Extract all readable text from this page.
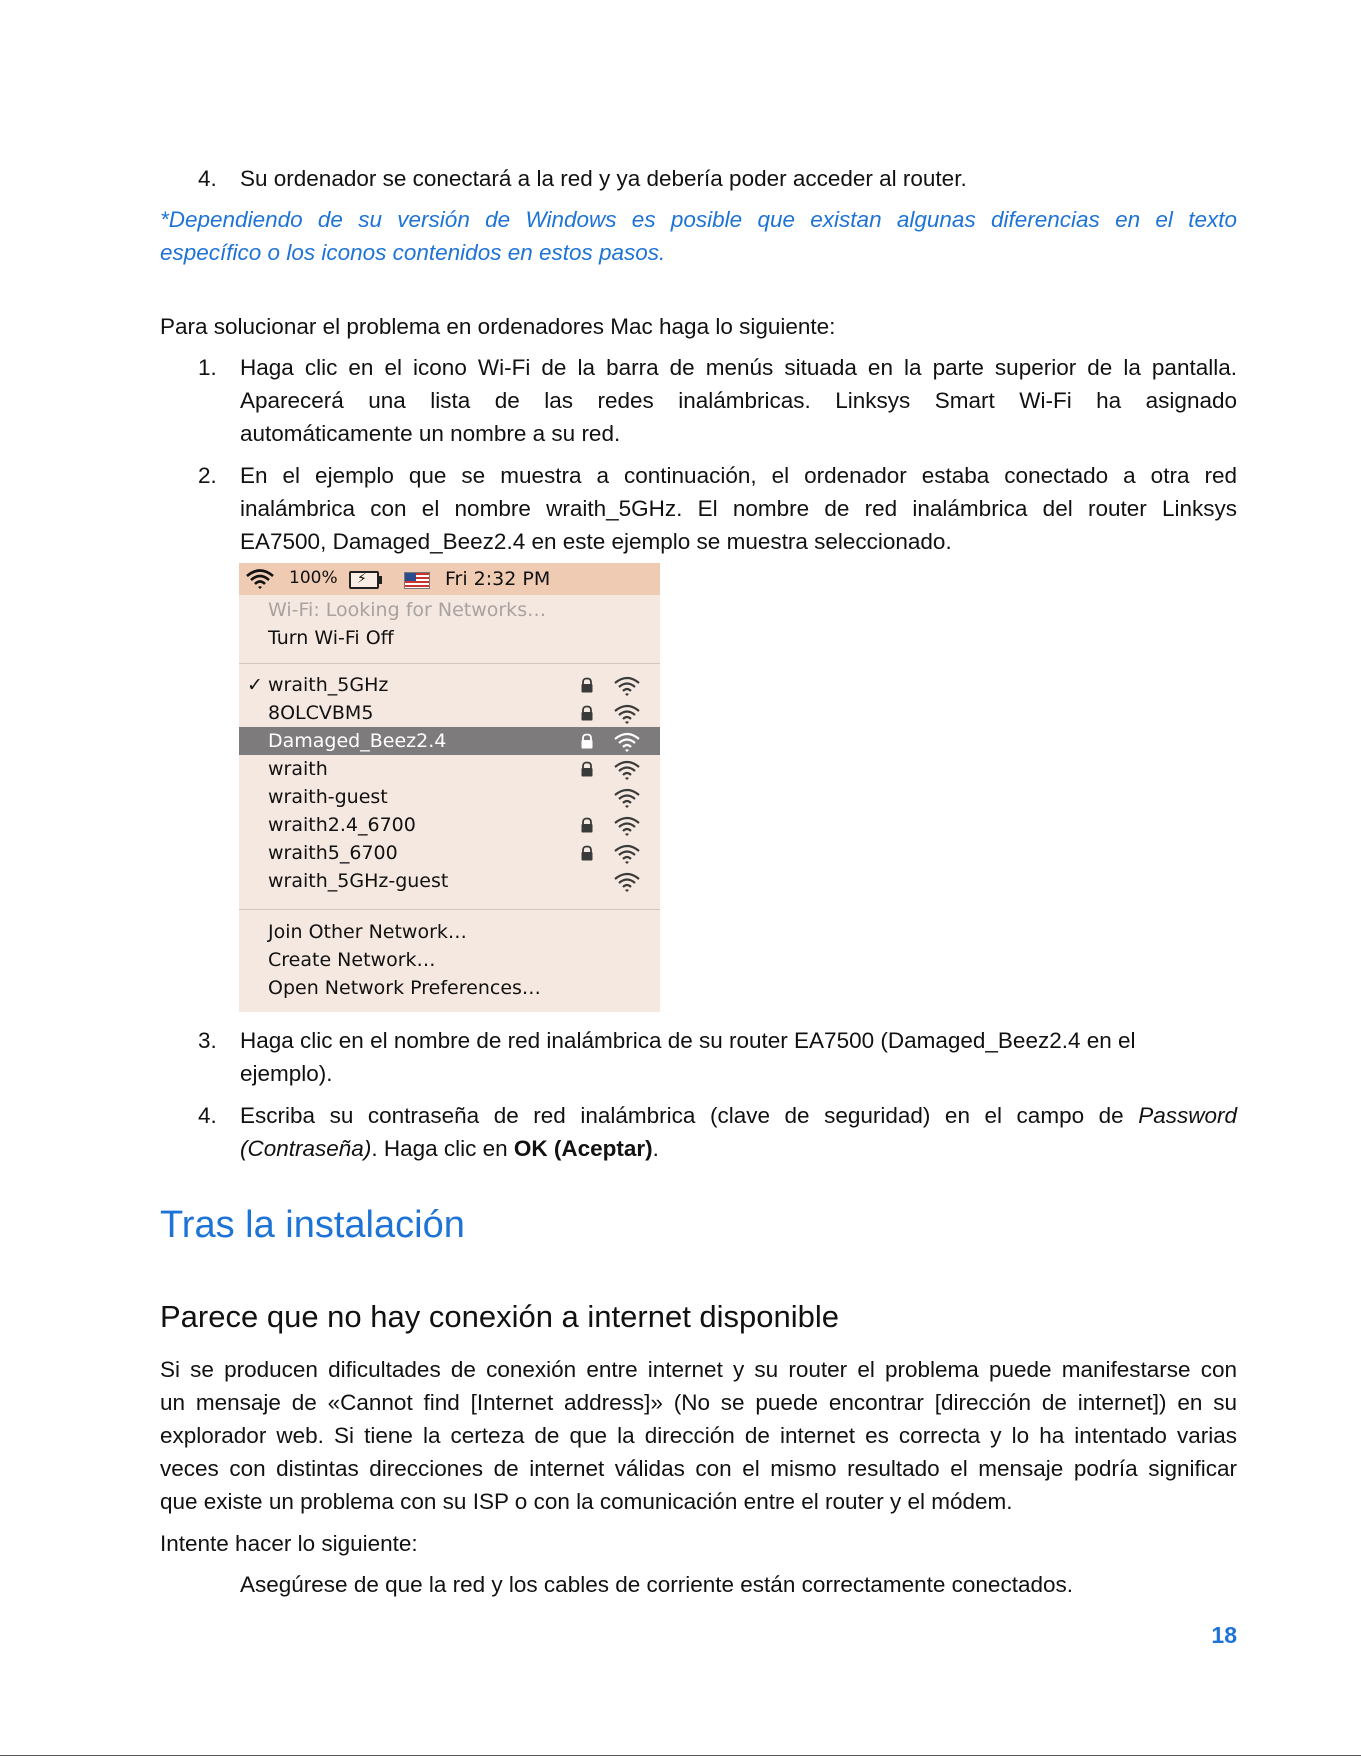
4. Su ordenador se conectará a la red y ya debería poder acceder al router.
*Dependiendo de su versión de Windows es posible que existan algunas diferencias en el texto
específico o los iconos contenidos en estos pasos.
Para solucionar el problema en ordenadores Mac haga lo siguiente:
1. Haga clic en el icono Wi-Fi de la barra de menús situada en la parte superior de la pantalla.
Aparecerá una lista de las redes inalámbricas. Linksys Smart Wi-Fi ha asignado
automáticamente un nombre a su red.
2. En el ejemplo que se muestra a continuación, el ordenador estaba conectado a otra red
inalámbrica con el nombre wraith_5GHz. El nombre de red inalámbrica del router Linksys
EA7500, Damaged_Beez2.4 en este ejemplo se muestra seleccionado.
100% ⚡	Fri 2:32 PM
Wi-Fi: Looking for Networks…
Turn Wi-Fi Off
✓ wraith_5GHz
8OLCVBM5
Damaged_Beez2.4
wraith
wraith-guest
wraith2.4_6700
wraith5_6700
wraith_5GHz-guest
Join Other Network…
Create Network…
Open Network Preferences…
3. Haga clic en el nombre de red inalámbrica de su router EA7500 (Damaged_Beez2.4 en el
ejemplo).
4. Escriba su contraseña de red inalámbrica (clave de seguridad) en el campo de Password
(Contraseña). Haga clic en OK (Aceptar).
Tras la instalación
Parece que no hay conexión a internet disponible
Si se producen dificultades de conexión entre internet y su router el problema puede manifestarse con
un mensaje de «Cannot find [Internet address]» (No se puede encontrar [dirección de internet]) en su
explorador web. Si tiene la certeza de que la dirección de internet es correcta y lo ha intentado varias
veces con distintas direcciones de internet válidas con el mismo resultado el mensaje podría significar
que existe un problema con su ISP o con la comunicación entre el router y el módem.
Intente hacer lo siguiente:
Asegúrese de que la red y los cables de corriente están correctamente conectados.
18
